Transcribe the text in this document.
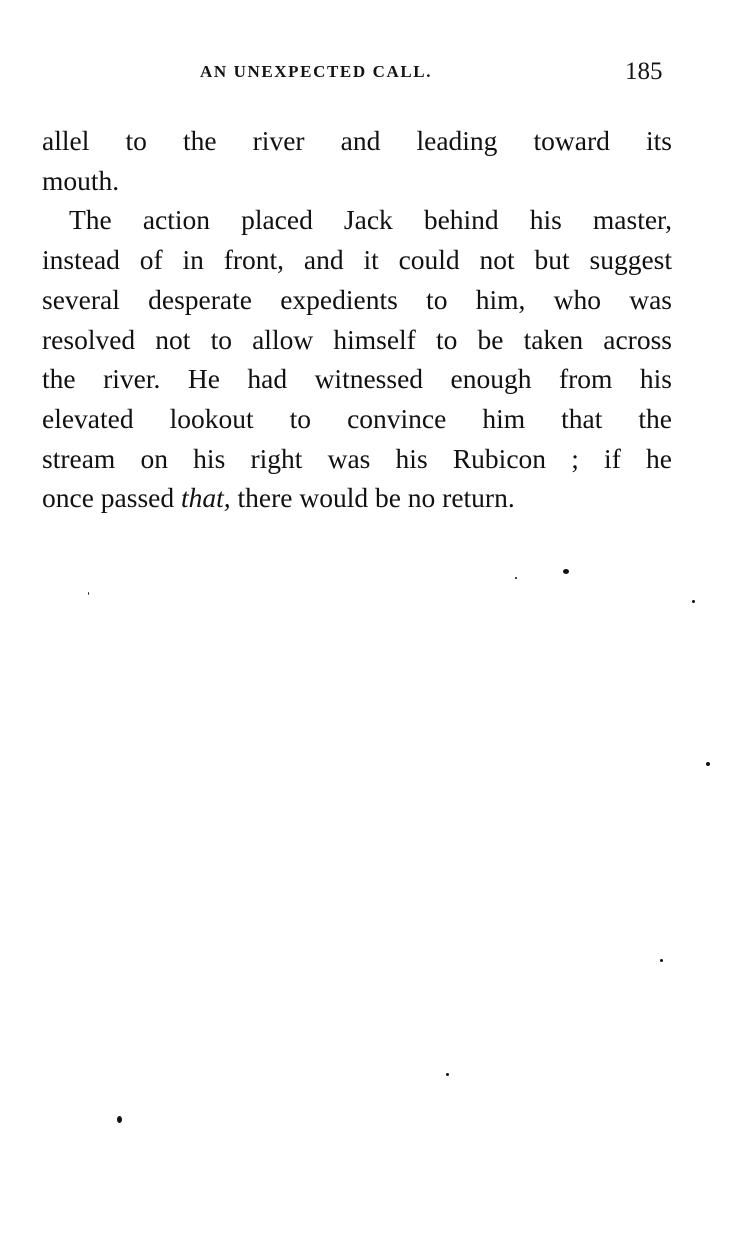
AN UNEXPECTED CALL.	185

allel to the river and leading toward its
mouth.

The action placed Jack behind his master,
instead of in front, and it could not but suggest
several desperate expedients to him, who was
resolved not to allow himself to be taken across
the river. He had witnessed enough from his
elevated lookout to convince him that the
stream on his right was his Rubicon ; if he
once passed that, there would be no return.
